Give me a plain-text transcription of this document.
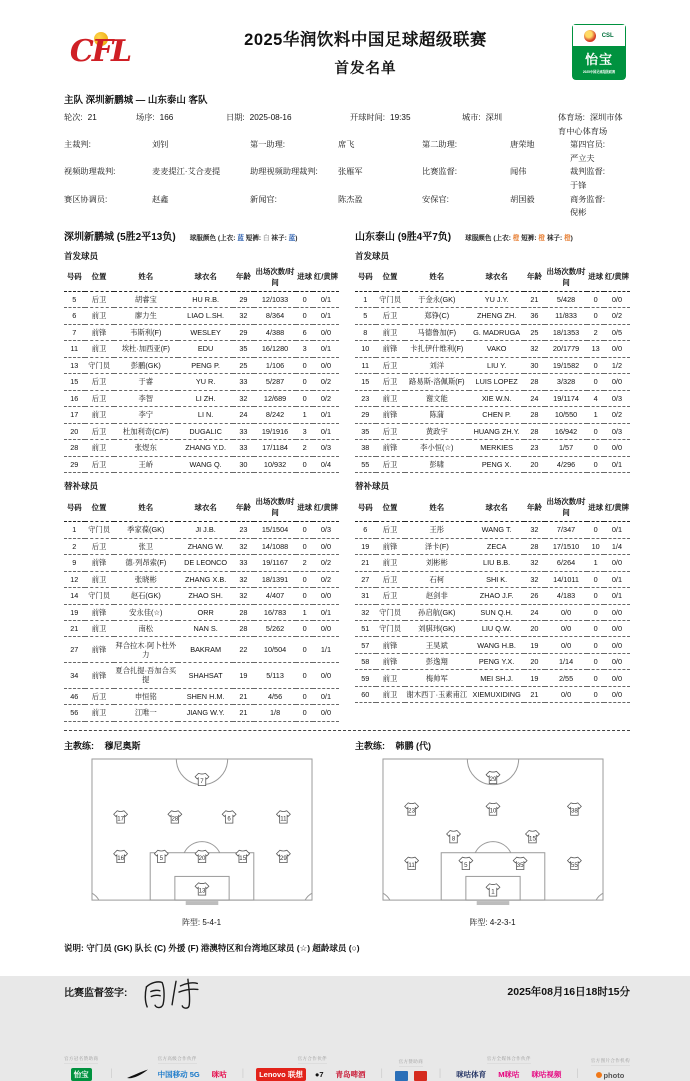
CFL	2025华润饮料中国足球超级联赛
首发名单
CSL
怡宝
2025中国足球超级联赛
主队 深圳新鹏城 — 山东泰山 客队
轮次: 21	场序: 166	日期: 2025-08-16	开球时间: 19:35	城市: 深圳	体育场: 深圳市体育中心体育场
主裁判:	刘钊	第一助理:	席飞	第二助理:	唐荣地	第四官员:严立夫
视频助理裁判:	麦麦提江·艾合麦提	助理视频助理裁判: 张雁军	比赛监督:	闻伟	裁判监督:于锋
赛区协调员:	赵鑫	新闻官:	陈杰盈	安保官:	胡国毅	商务监督:倪彬
深圳新鹏城 (5胜2平13负) 球服颜色 (上衣: 蓝 短裤: 白 袜子: 蓝)
首发球员
号码	位置	姓名	球衣名	年龄	出场次数/时间	进球	红/黄牌
5	后卫	胡睿宝	HU R.B.	29	12/1033	0	0/1
6	前卫	廖力生	LIAO L.SH.	32	8/364	0	0/1
7	前锋	韦斯利(F)	WESLEY	29	4/388	6	0/0
11	前卫	埃杜·加西亚(F)	EDU	35	16/1280	3	0/1
13	守门员	彭鹏(GK)	PENG P.	25	1/106	0	0/0
15	后卫	于睿	YU R.	33	5/287	0	0/2
16	后卫	李智	LI ZH.	32	12/689	0	0/2
17	前卫	李宁	LI N.	24	8/242	1	0/1
20	后卫	杜加利奇(C/F)	DUGALIC	33	19/1916	3	0/1
28	前卫	张煜东	ZHANG Y.D.	33	17/1184	2	0/3
29	后卫	王峤	WANG Q.	30	10/932	0	0/4
替补球员
号码	位置	姓名	球衣名	年龄	出场次数/时间	进球	红/黄牌
1	守门员	季家葆(GK)	JI J.B.	23	15/1504	0	0/3
2	后卫	张卫	ZHANG W.	32	14/1088	0	0/0
9	前锋	德·列昂索(F)	DE LEONCO	33	19/1167	2	0/2
12	前卫	张晓彬	ZHANG X.B.	32	18/1391	0	0/2
14	守门员	赵石(GK)	ZHAO SH.	32	4/407	0	0/0
19	前锋	安永佳(☆)	ORR	28	16/783	1	0/1
21	前卫	南松	NAN S.	28	5/262	0	0/0
27	前锋	拜合拉木·阿卜杜外力	BAKRAM	22	10/504	0	1/1
34	前锋	夏合扎提·吾加合买提	SHAHSAT	19	5/113	0	0/0
46	后卫	申恒铭	SHEN H.M.	21	4/56	0	0/1
56	前卫	江唯一	JIANG W.Y.	21	1/8	0	0/0
山东泰山 (9胜4平7负) 球服颜色 (上衣: 橙 短裤: 橙 袜子: 橙)
首发球员
号码	位置	姓名	球衣名	年龄	出场次数/时间	进球	红/黄牌
1	守门员	于金永(GK)	YU J.Y.	21	5/428	0	0/0
5	后卫	郑铮(C)	ZHENG ZH.	36	11/833	0	0/2
8	前卫	马德鲁加(F)	G. MADRUGA	25	18/1353	2	0/5
10	前锋	卡扎伊什维利(F)	VAKO	32	20/1779	13	0/0
11	后卫	刘洋	LIU Y.	30	19/1582	0	1/2
15	后卫	路易斯-洛佩斯(F)	LUIS LOPEZ	28	3/328	0	0/0
23	前卫	谢文能	XIE W.N.	24	19/1174	4	0/3
29	前锋	陈蒲	CHEN P.	28	10/550	1	0/2
35	后卫	黄政宇	HUANG ZH.Y.	28	16/942	0	0/3
38	前锋	李小恒(☆)	MERKIES	23	1/57	0	0/0
55	后卫	彭啸	PENG X.	20	4/296	0	0/1
替补球员
号码	位置	姓名	球衣名	年龄	出场次数/时间	进球	红/黄牌
6	后卫	王彤	WANG T.	32	7/347	0	0/1
19	前锋	泽卡(F)	ZECA	28	17/1510	10	1/4
21	前卫	刘彬彬	LIU B.B.	32	6/264	1	0/0
27	后卫	石柯	SHI K.	32	14/1011	0	0/1
31	后卫	赵剑非	ZHAO J.F.	26	4/183	0	0/1
32	守门员	孙启航(GK)	SUN Q.H.	24	0/0	0	0/0
51	守门员	刘骐玮(GK)	LIU Q.W.	20	0/0	0	0/0
57	前锋	王昊斌	WANG H.B.	19	0/0	0	0/0
58	前锋	彭逸翔	PENG Y.X.	20	1/14	0	0/0
59	前卫	梅帅军	MEI SH.J.	19	2/55	0	0/0
60	前卫	谢木西丁·玉素甫江	XIEMUXIDING	21	0/0	0	0/0
主教练: 穆尼奥斯
7
17	28	6	11
16	5	20	15	29
13
阵型: 5-4-1
主教练: 韩鹏 (代)
29
23	10	38
8	15
11	5	35	55
1
阵型: 4-2-3-1
说明: 守门员 (GK) 队长 (C) 外援 (F) 港澳特区和台湾地区球员 (☆) 超龄球员 (○)
比赛监督签字:	2025年08月16日18时15分
官方冠名赞助商
怡宝	|
官方高级合作伙伴
中国移动 5G	咪咕	|
官方合作伙伴
Lenovo 联想	●7	青岛啤酒	|
官方赞助商
|
官方全媒体合作伙伴
咪咕体育	M咪咕	咪咕视频	|
官方图片合作机构
photo
